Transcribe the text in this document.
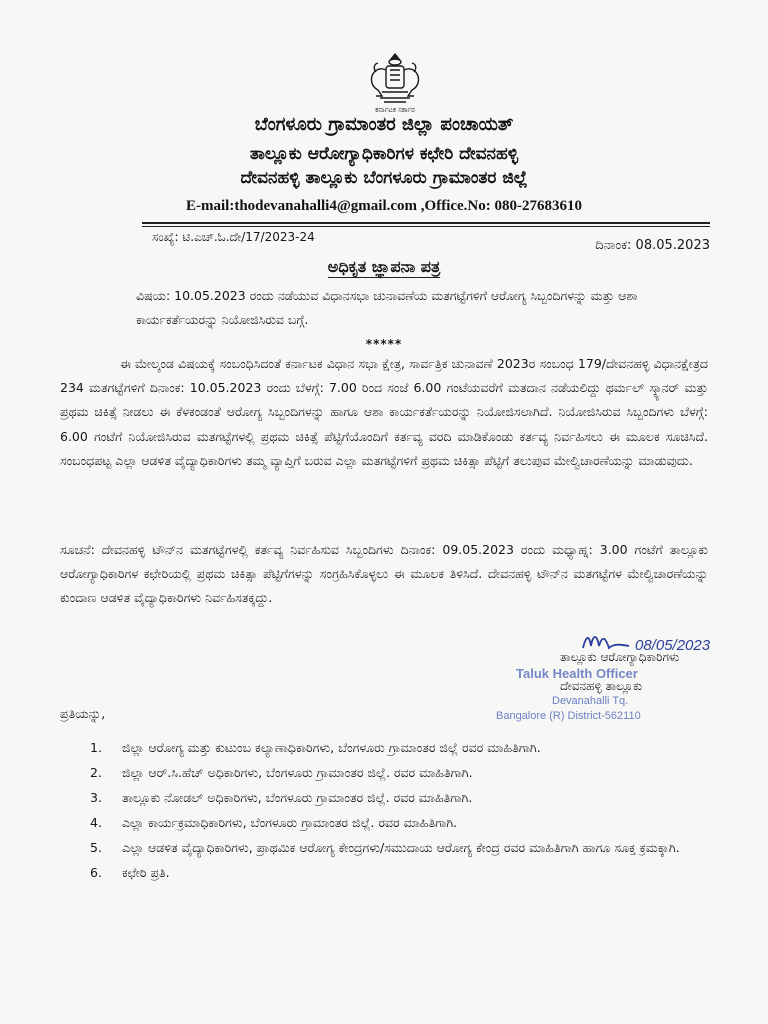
ಕರ್ನಾಟಕ ಸರ್ಕಾರ
ಬೆಂಗಳೂರು ಗ್ರಾಮಾಂತರ ಜಿಲ್ಲಾ ಪಂಚಾಯತ್
ತಾಲ್ಲೂಕು ಆರೋಗ್ಯಾಧಿಕಾರಿಗಳ ಕಛೇರಿ ದೇವನಹಳ್ಳಿ
ದೇವನಹಳ್ಳಿ ತಾಲ್ಲೂಕು ಬೆಂಗಳೂರು ಗ್ರಾಮಾಂತರ ಜಿಲ್ಲೆ
E-mail:thodevanahalli4@gmail.com ,Office.No: 080-27683610
ಸಂಖ್ಯೆ: ಟಿ.ಎಚ್.ಓ.ದೇ/17/2023-24
ದಿನಾಂಕ: 08.05.2023
ಅಧಿಕೃತ ಜ್ಞಾಪನಾ ಪತ್ರ
ವಿಷಯ: 10.05.2023 ರಂದು ನಡೆಯುವ ವಿಧಾನಸಭಾ ಚುನಾವಣೆಯ ಮತಗಟ್ಟೆಗಳಿಗೆ ಆರೋಗ್ಯ ಸಿಬ್ಬಂದಿಗಳನ್ನು ಮತ್ತು ಆಶಾ ಕಾರ್ಯಕರ್ತೆಯರನ್ನು ನಿಯೋಜಿಸಿರುವ ಬಗ್ಗೆ.
*****
ಈ ಮೇಲ್ಕಂಡ ವಿಷಯಕ್ಕೆ ಸಂಬಂಧಿಸಿದಂತೆ ಕರ್ನಾಟಕ ವಿಧಾನ ಸಭಾ ಕ್ಷೇತ್ರ, ಸಾರ್ವತ್ರಿಕ ಚುನಾವಣೆ 2023ರ ಸಂಬಂಧ 179/ದೇವನಹಳ್ಳಿ ವಿಧಾನಕ್ಷೇತ್ರದ 234 ಮತಗಟ್ಟೆಗಳಿಗೆ ದಿನಾಂಕ: 10.05.2023 ರಂದು ಬೆಳಗ್ಗೆ: 7.00 ರಿಂದ ಸಂಜೆ 6.00 ಗಂಟೆಯವರೆಗೆ ಮತದಾನ ನಡೆಯಲಿದ್ದು ಥರ್ಮಲ್ ಸ್ಕ್ಯಾನರ್ ಮತ್ತು ಪ್ರಥಮ ಚಿಕಿತ್ಸೆ ನೀಡಲು ಈ ಕೆಳಕಂಡಂತೆ ಆರೋಗ್ಯ ಸಿಬ್ಬಂದಿಗಳನ್ನು ಹಾಗೂ ಆಶಾ ಕಾರ್ಯಕರ್ತೆಯರನ್ನು ನಿಯೋಜಿಸಲಾಗಿದೆ. ನಿಯೋಜಿಸಿರುವ ಸಿಬ್ಬಂದಿಗಳು ಬೆಳಗ್ಗೆ: 6.00 ಗಂಟೆಗೆ ನಿಯೋಜಿಸಿರುವ ಮತಗಟ್ಟೆಗಳಲ್ಲಿ ಪ್ರಥಮ ಚಿಕಿತ್ಸೆ ಪೆಟ್ಟಿಗೆಯೊಂದಿಗೆ ಕರ್ತವ್ಯ ವರದಿ ಮಾಡಿಕೊಂಡು ಕರ್ತವ್ಯ ನಿರ್ವಹಿಸಲು ಈ ಮೂಲಕ ಸೂಚಿಸಿದೆ. ಸಂಬಂಧಪಟ್ಟ ಎಲ್ಲಾ ಆಡಳಿತ ವೈದ್ಯಾಧಿಕಾರಿಗಳು ತಮ್ಮ ವ್ಯಾಪ್ತಿಗೆ ಬರುವ ಎಲ್ಲಾ ಮತಗಟ್ಟೆಗಳಿಗೆ ಪ್ರಥಮ ಚಿಕಿತ್ಸಾ ಪೆಟ್ಟಿಗೆ ತಲುಪುವ ಮೇಲ್ವಿಚಾರಣೆಯನ್ನು ಮಾಡುವುದು.
ಸೂಚನೆ: ದೇವನಹಳ್ಳಿ ಟೌನ್‌ನ ಮತಗಟ್ಟೆಗಳಲ್ಲಿ ಕರ್ತವ್ಯ ನಿರ್ವಹಿಸುವ ಸಿಬ್ಬಂದಿಗಳು ದಿನಾಂಕ: 09.05.2023 ರಂದು ಮಧ್ಯಾಹ್ನ: 3.00 ಗಂಟೆಗೆ ತಾಲ್ಲೂಕು ಆರೋಗ್ಯಾಧಿಕಾರಿಗಳ ಕಛೇರಿಯಲ್ಲಿ ಪ್ರಥಮ ಚಿಕಿತ್ಸಾ ಪೆಟ್ಟಿಗೆಗಳನ್ನು ಸಂಗ್ರಹಿಸಿಕೊಳ್ಳಲು ಈ ಮೂಲಕ ತಿಳಿಸಿದೆ. ದೇವನಹಳ್ಳಿ ಟೌನ್‌ನ ಮತಗಟ್ಟೆಗಳ ಮೇಲ್ವಿಚಾರಣೆಯನ್ನು ಕುಂದಾಣ ಆಡಳಿತ ವೈದ್ಯಾಧಿಕಾರಿಗಳು ನಿರ್ವಹಿಸತಕ್ಕದ್ದು.
08/05/2023
Taluk Health Officer
ತಾಲ್ಲೂಕು ಆರೋಗ್ಯಾಧಿಕಾರಿಗಳು
ದೇವನಹಳ್ಳಿ ತಾಲ್ಲೂಕು
Devanahalli Tq.
Bangalore (R) District-562110
ಪ್ರತಿಯನ್ನು,
1. ಜಿಲ್ಲಾ ಆರೋಗ್ಯ ಮತ್ತು ಕುಟುಂಬ ಕಲ್ಯಾಣಾಧಿಕಾರಿಗಳು, ಬೆಂಗಳೂರು ಗ್ರಾಮಾಂತರ ಜಿಲ್ಲೆ ರವರ ಮಾಹಿತಿಗಾಗಿ.
2. ಜಿಲ್ಲಾ ಆರ್.ಸಿ.ಹೆಚ್ ಅಧಿಕಾರಿಗಳು, ಬೆಂಗಳೂರು ಗ್ರಾಮಾಂತರ ಜಿಲ್ಲೆ. ರವರ ಮಾಹಿತಿಗಾಗಿ.
3. ತಾಲ್ಲೂಕು ನೋಡಲ್ ಅಧಿಕಾರಿಗಳು, ಬೆಂಗಳೂರು ಗ್ರಾಮಾಂತರ ಜಿಲ್ಲೆ. ರವರ ಮಾಹಿತಿಗಾಗಿ.
4. ಎಲ್ಲಾ ಕಾರ್ಯಕ್ರಮಾಧಿಕಾರಿಗಳು, ಬೆಂಗಳೂರು ಗ್ರಾಮಾಂತರ ಜಿಲ್ಲೆ. ರವರ ಮಾಹಿತಿಗಾಗಿ.
5. ಎಲ್ಲಾ ಆಡಳಿತ ವೈದ್ಯಾಧಿಕಾರಿಗಳು, ಪ್ರಾಥಮಿಕ ಆರೋಗ್ಯ ಕೇಂದ್ರಗಳು/ಸಮುದಾಯ ಆರೋಗ್ಯ ಕೇಂದ್ರ ರವರ ಮಾಹಿತಿಗಾಗಿ ಹಾಗೂ ಸೂಕ್ತ ಕ್ರಮಕ್ಕಾಗಿ.
6. ಕಛೇರಿ ಪ್ರತಿ.
